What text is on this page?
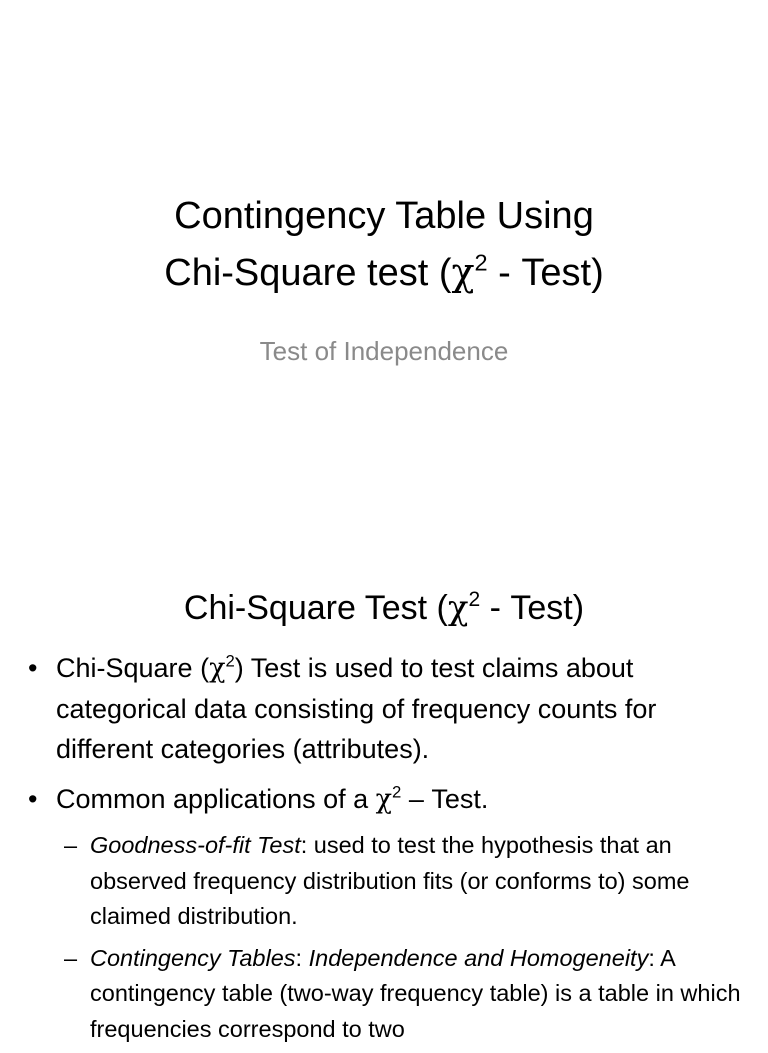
Contingency Table Using
Chi-Square test ($\chi^2$ - Test)
Test of Independence
Chi-Square Test ($\chi^2$ - Test)
• Chi-Square $(\chi^2)$ Test is used to test claims about categorical data consisting of frequency counts for different categories (attributes).
• Common applications of a $\chi^2$ – Test.
– Goodness-of-fit Test: used to test the hypothesis that an observed frequency distribution fits (or conforms to) some claimed distribution.
– Contingency Tables: Independence and Homogeneity: A contingency table (two-way frequency table) is a table in which frequencies correspond to two
